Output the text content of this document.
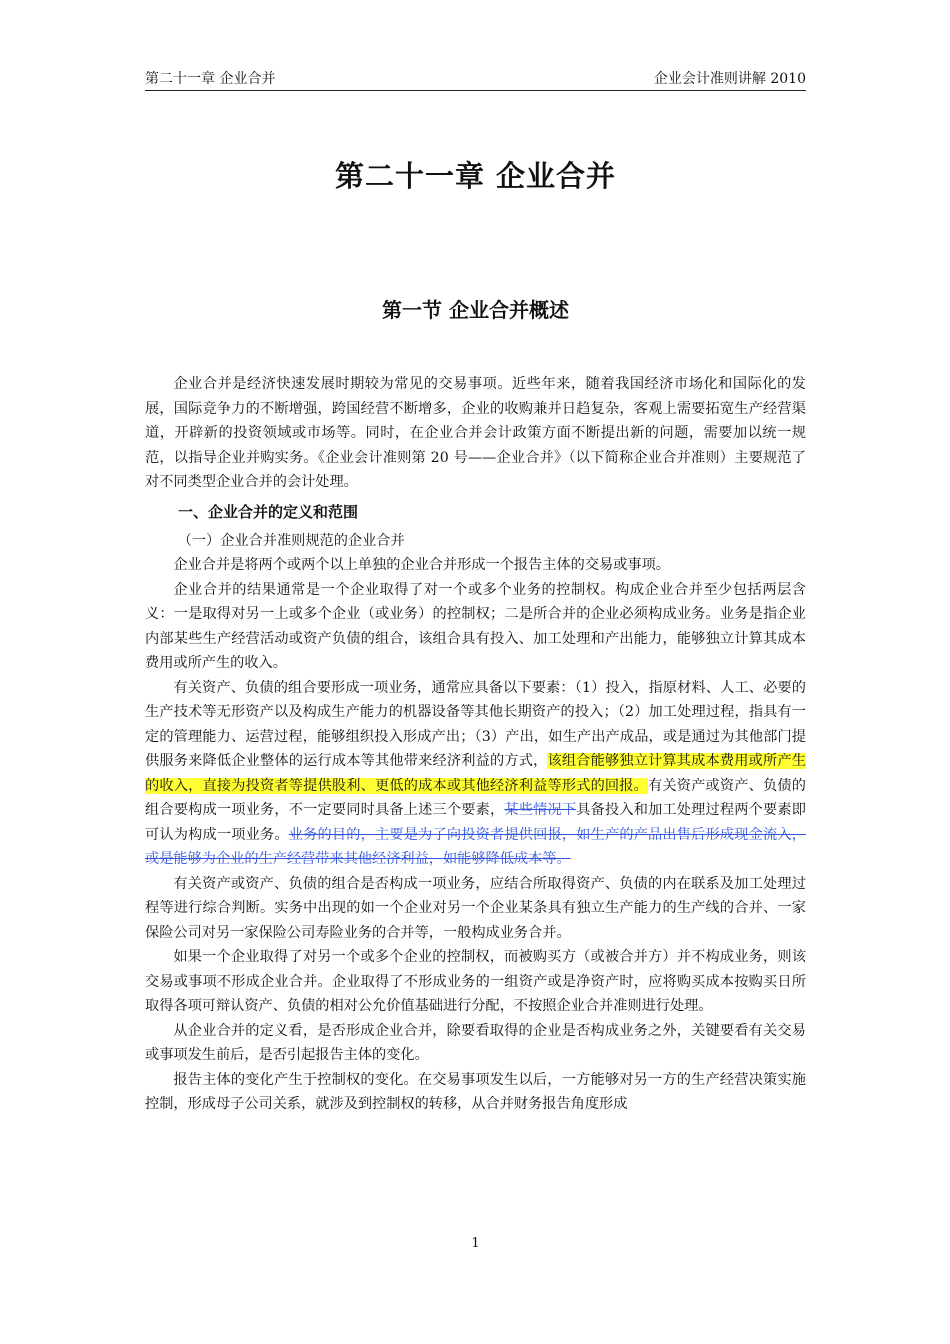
第二十一章 企业合并	企业会计准则讲解 2010
第二十一章 企业合并
第一节 企业合并概述

企业合并是经济快速发展时期较为常见的交易事项。近些年来，随着我国经济市场化和国际化的发展，国际竞争力的不断增强，跨国经营不断增多，企业的收购兼并日趋复杂，客观上需要拓宽生产经营渠道，开辟新的投资领域或市场等。同时，在企业合并会计政策方面不断提出新的问题，需要加以统一规范，以指导企业并购实务。《企业会计准则第 20 号——企业合并》（以下简称企业合并准则）主要规范了对不同类型企业合并的会计处理。

一、企业合并的定义和范围

（一）企业合并准则规范的企业合并

企业合并是将两个或两个以上单独的企业合并形成一个报告主体的交易或事项。

企业合并的结果通常是一个企业取得了对一个或多个业务的控制权。构成企业合并至少包括两层含义：一是取得对另一上或多个企业（或业务）的控制权；二是所合并的企业必须构成业务。业务是指企业内部某些生产经营活动或资产负债的组合，该组合具有投入、加工处理和产出能力，能够独立计算其成本费用或所产生的收入。

有关资产、负债的组合要形成一项业务，通常应具备以下要素：（1）投入，指原材料、人工、必要的生产技术等无形资产以及构成生产能力的机器设备等其他长期资产的投入；（2）加工处理过程，指具有一定的管理能力、运营过程，能够组织投入形成产出；（3）产出，如生产出产成品，或是通过为其他部门提供服务来降低企业整体的运行成本等其他带来经济利益的方式，该组合能够独立计算其成本费用或所产生的收入，直接为投资者等提供股利、更低的成本或其他经济利益等形式的回报。有关资产或资产、负债的组合要构成一项业务，不一定要同时具备上述三个要素，某些情况下具备投入和加工处理过程两个要素即可认为构成一项业务。业务的目的，主要是为了向投资者提供回报，如生产的产品出售后形成现金流入，或是能够为企业的生产经营带来其他经济利益，如能够降低成本等。

有关资产或资产、负债的组合是否构成一项业务，应结合所取得资产、负债的内在联系及加工处理过程等进行综合判断。实务中出现的如一个企业对另一个企业某条具有独立生产能力的生产线的合并、一家保险公司对另一家保险公司寿险业务的合并等，一般构成业务合并。

如果一个企业取得了对另一个或多个企业的控制权，而被购买方（或被合并方）并不构成业务，则该交易或事项不形成企业合并。企业取得了不形成业务的一组资产或是净资产时，应将购买成本按购买日所取得各项可辩认资产、负债的相对公允价值基础进行分配，不按照企业合并准则进行处理。

从企业合并的定义看，是否形成企业合并，除要看取得的企业是否构成业务之外，关键要看有关交易或事项发生前后，是否引起报告主体的变化。

报告主体的变化产生于控制权的变化。在交易事项发生以后，一方能够对另一方的生产经营决策实施控制，形成母子公司关系，就涉及到控制权的转移，从合并财务报告角度形成

1
